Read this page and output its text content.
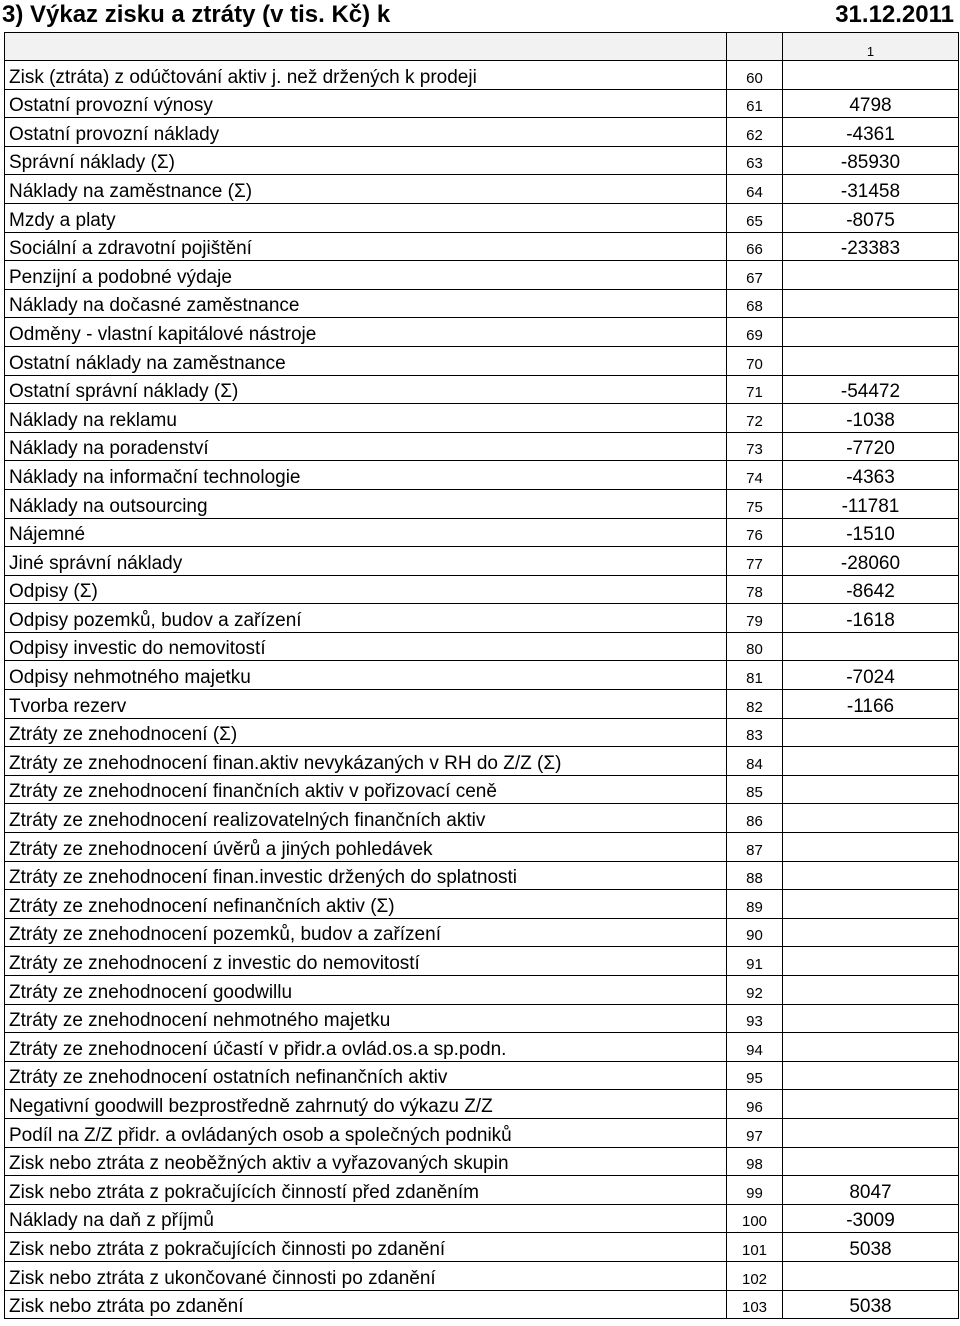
3) Výkaz zisku a ztráty (v tis. Kč) k	31.12.2011
		1
Zisk (ztráta) z odúčtování aktiv j. než držených k prodeji	60	
Ostatní provozní výnosy	61	4798
Ostatní provozní náklady	62	-4361
Správní náklady (Σ)	63	-85930
Náklady na zaměstnance (Σ)	64	-31458
Mzdy a platy	65	-8075
Sociální a zdravotní pojištění	66	-23383
Penzijní a podobné výdaje	67	
Náklady na dočasné zaměstnance	68	
Odměny - vlastní kapitálové nástroje	69	
Ostatní náklady na zaměstnance	70	
Ostatní správní náklady (Σ)	71	-54472
Náklady na reklamu	72	-1038
Náklady na poradenství	73	-7720
Náklady na informační technologie	74	-4363
Náklady na outsourcing	75	-11781
Nájemné	76	-1510
Jiné správní náklady	77	-28060
Odpisy (Σ)	78	-8642
Odpisy pozemků, budov a zařízení	79	-1618
Odpisy investic do nemovitostí	80	
Odpisy nehmotného majetku	81	-7024
Tvorba rezerv	82	-1166
Ztráty ze znehodnocení (Σ)	83	
Ztráty ze znehodnocení finan.aktiv nevykázaných v RH do Z/Z (Σ)	84	
Ztráty ze znehodnocení finančních aktiv v pořizovací ceně	85	
Ztráty ze znehodnocení realizovatelných finančních aktiv	86	
Ztráty ze znehodnocení úvěrů a jiných pohledávek	87	
Ztráty ze znehodnocení finan.investic držených do splatnosti	88	
Ztráty ze znehodnocení nefinančních aktiv (Σ)	89	
Ztráty ze znehodnocení pozemků, budov a zařízení	90	
Ztráty ze znehodnocení z investic do nemovitostí	91	
Ztráty ze znehodnocení goodwillu	92	
Ztráty ze znehodnocení nehmotného majetku	93	
Ztráty ze znehodnocení účastí v přidr.a ovlád.os.a sp.podn.	94	
Ztráty ze znehodnocení ostatních nefinančních aktiv	95	
Negativní goodwill bezprostředně zahrnutý do výkazu Z/Z	96	
Podíl na Z/Z přidr. a ovládaných osob a společných podniků	97	
Zisk nebo ztráta z neoběžných aktiv a vyřazovaných skupin	98	
Zisk nebo ztráta z pokračujících činností před zdaněním	99	8047
Náklady na daň z příjmů	100	-3009
Zisk nebo ztráta z pokračujících činnosti po zdanění	101	5038
Zisk nebo ztráta z ukončované činnosti po zdanění	102	
Zisk nebo ztráta po zdanění	103	5038
